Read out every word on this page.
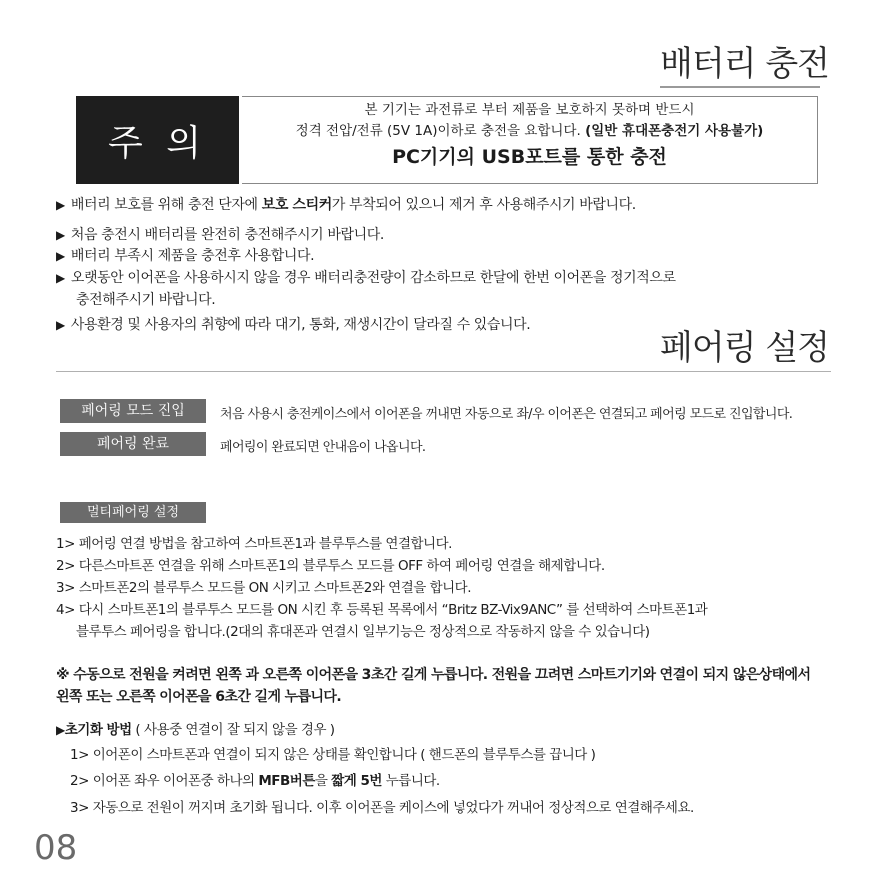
배터리 충전
주 의
본 기기는 과전류로 부터 제품을 보호하지 못하며 반드시
정격 전압/전류 (5V 1A)이하로 충전을 요합니다. (일반 휴대폰충전기 사용불가)
PC기기의 USB포트를 통한 충전
▶ 배터리 보호를 위해 충전 단자에 보호 스티커가 부착되어 있으니 제거 후 사용해주시기 바랍니다.
▶ 처음 충전시 배터리를 완전히 충전해주시기 바랍니다.
▶ 배터리 부족시 제품을 충전후 사용합니다.
▶ 오랫동안 이어폰을 사용하시지 않을 경우 배터리충전량이 감소하므로 한달에 한번 이어폰을 정기적으로
충전해주시기 바랍니다.
▶ 사용환경 및 사용자의 취향에 따라 대기, 통화, 재생시간이 달라질 수 있습니다.
페어링 설정
페어링 모드 진입	처음 사용시 충전케이스에서 이어폰을 꺼내면 자동으로 좌/우 이어폰은 연결되고 페어링 모드로 진입합니다.
페어링 완료	페어링이 완료되면 안내음이 나옵니다.
멀티페어링 설정
1> 페어링 연결 방법을 참고하여 스마트폰1과 블루투스를 연결합니다.
2> 다른스마트폰 연결을 위해 스마트폰1의 블루투스 모드를 OFF 하여 페어링 연결을 해제합니다.
3> 스마트폰2의 블루투스 모드를 ON 시키고 스마트폰2와 연결을 합니다.
4> 다시 스마트폰1의 블루투스 모드를 ON 시킨 후 등록된 목록에서 “Britz BZ-Vix9ANC” 를 선택하여 스마트폰1과
블루투스 페어링을 합니다.(2대의 휴대폰과 연결시 일부기능은 정상적으로 작동하지 않을 수 있습니다)
※ 수동으로 전원을 켜려면 왼쪽 과 오른쪽 이어폰을 3초간 길게 누릅니다. 전원을 끄려면 스마트기기와 연결이 되지 않은상태에서
왼쪽 또는 오른쪽 이어폰을 6초간 길게 누릅니다.
▶초기화 방법 ( 사용중 연결이 잘 되지 않을 경우 )
1> 이어폰이 스마트폰과 연결이 되지 않은 상태를 확인합니다 ( 핸드폰의 블루투스를 끕니다 )
2> 이어폰 좌우 이어폰중 하나의 MFB버튼을 짧게 5번 누릅니다.
3> 자동으로 전원이 꺼지며 초기화 됩니다. 이후 이어폰을 케이스에 넣었다가 꺼내어 정상적으로 연결해주세요.
08
